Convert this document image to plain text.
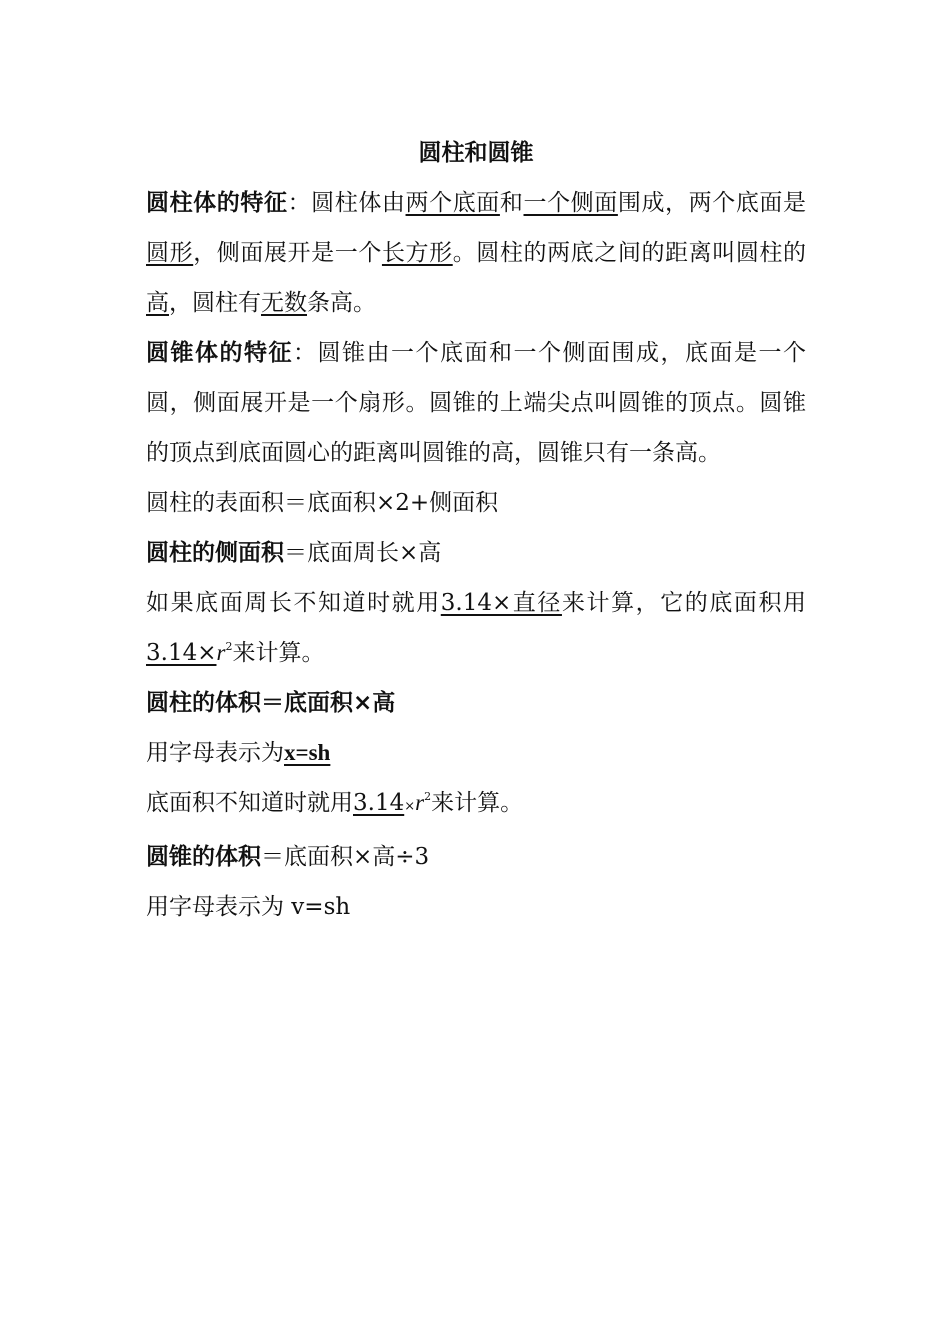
圆柱和圆锥

圆柱体的特征：圆柱体由两个底面和一个侧面围成，两个底面是圆形，侧面展开是一个长方形。圆柱的两底之间的距离叫圆柱的高，圆柱有无数条高。

圆锥体的特征：圆锥由一个底面和一个侧面围成，底面是一个圆，侧面展开是一个扇形。圆锥的上端尖点叫圆锥的顶点。圆锥的顶点到底面圆心的距离叫圆锥的高，圆锥只有一条高。

圆柱的表面积＝底面积×2+侧面积

圆柱的侧面积＝底面周长×高

如果底面周长不知道时就用3.14×直径来计算，它的底面积用$3.14\times r^2$来计算。

圆柱的体积＝底面积×高

用字母表示为x=sh

底面积不知道时就用$3.14\times r^2$来计算。

圆锥的体积＝底面积×高÷3

用字母表示为 v=sh
